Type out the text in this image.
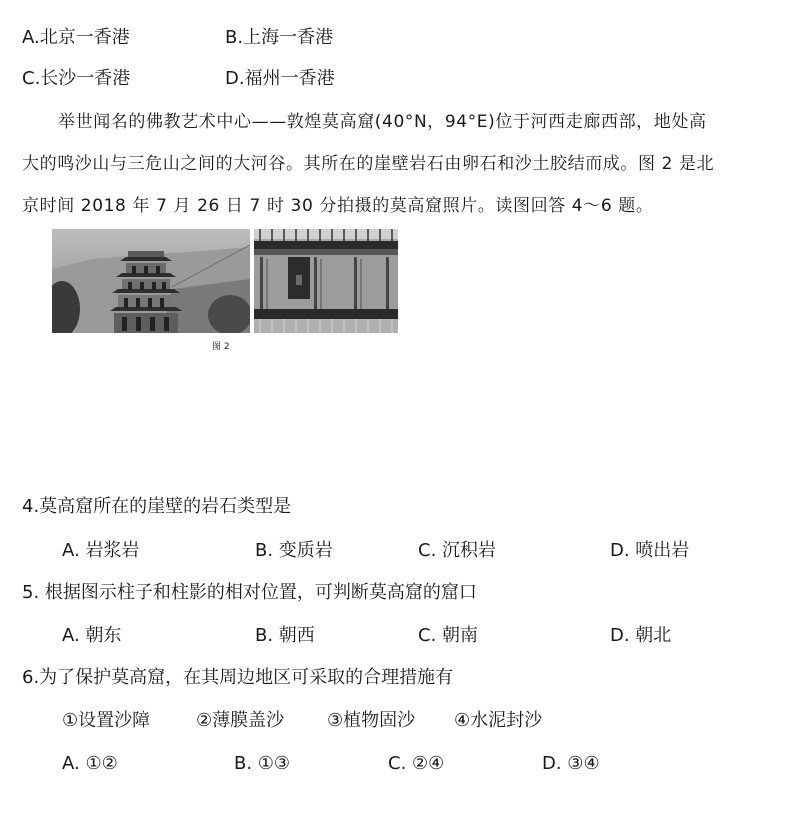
A.北京一香港	B.上海一香港
C.长沙一香港	D.福州一香港
举世闻名的佛教艺术中心——敦煌莫高窟(40°N，94°E)位于河西走廊西部，地处高
大的鸣沙山与三危山之间的大河谷。其所在的崖壁岩石由卵石和沙土胶结而成。图 2 是北
京时间 2018 年 7 月 26 日 7 时 30 分拍摄的莫高窟照片。读图回答 4～6 题。
图 2
4.莫高窟所在的崖壁的岩石类型是
A. 岩浆岩	B. 变质岩	C. 沉积岩	D. 喷出岩
5. 根据图示柱子和柱影的相对位置，可判断莫高窟的窟口
A. 朝东	B. 朝西	C. 朝南	D. 朝北
6.为了保护莫高窟，在其周边地区可采取的合理措施有
①设置沙障	②薄膜盖沙 ③植物固沙 ④水泥封沙
A. ①②	B. ①③	C. ②④	D. ③④
